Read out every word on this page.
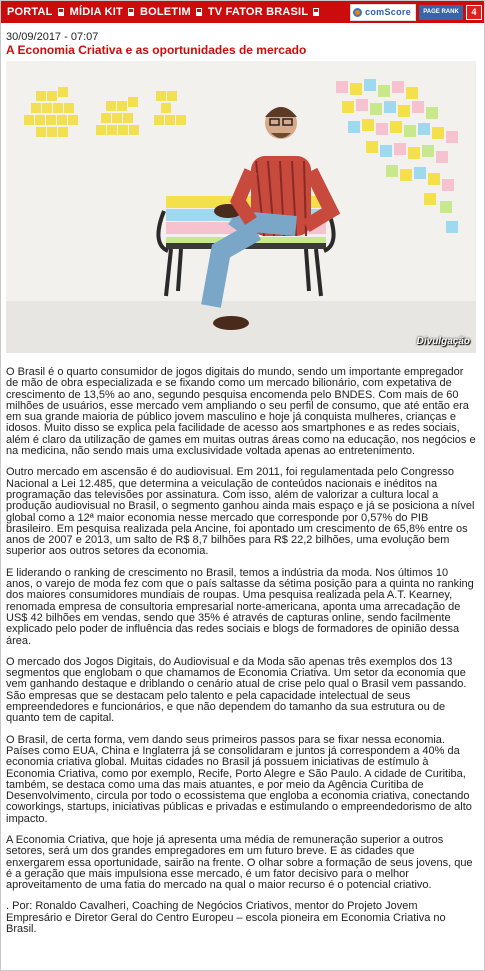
PORTAL	MÍDIA KIT	BOLETIM	TV FATOR BRASIL	comScore	PAGE RANK	4
30/09/2017 - 07:07
A Economia Criativa e as oportunidades de mercado
Divulgação

O Brasil é o quarto consumidor de jogos digitais do mundo, sendo um importante empregador de mão de obra especializada e se fixando como um mercado bilionário, com expetativa de crescimento de 13,5% ao ano, segundo pesquisa encomenda pelo BNDES. Com mais de 60 milhões de usuários, esse mercado vem ampliando o seu perfil de consumo, que até então era em sua grande maioria de público jovem masculino e hoje já conquista mulheres, crianças e idosos. Muito disso se explica pela facilidade de acesso aos smartphones e as redes sociais, além é claro da utilização de games em muitas outras áreas como na educação, nos negócios e na medicina, não sendo mais uma exclusividade voltada apenas ao entretenimento.

Outro mercado em ascensão é do audiovisual. Em 2011, foi regulamentada pelo Congresso Nacional a Lei 12.485, que determina a veiculação de conteúdos nacionais e inéditos na programação das televisões por assinatura. Com isso, além de valorizar a cultura local a produção audiovisual no Brasil, o segmento ganhou ainda mais espaço e já se posiciona a nível global como a 12ª maior economia nesse mercado que corresponde por 0,57% do PIB brasileiro. Em pesquisa realizada pela Ancine, foi apontado um crescimento de 65,8% entre os anos de 2007 e 2013, um salto de R$ 8,7 bilhões para R$ 22,2 bilhões, uma evolução bem superior aos outros setores da economia.

E liderando o ranking de crescimento no Brasil, temos a indústria da moda. Nos últimos 10 anos, o varejo de moda fez com que o país saltasse da sétima posição para a quinta no ranking dos maiores consumidores mundiais de roupas. Uma pesquisa realizada pela A.T. Kearney, renomada empresa de consultoria empresarial norte-americana, aponta uma arrecadação de US$ 42 bilhões em vendas, sendo que 35% é através de capturas online, sendo facilmente explicado pelo poder de influência das redes sociais e blogs de formadores de opinião dessa área.

O mercado dos Jogos Digitais, do Audiovisual e da Moda são apenas três exemplos dos 13 segmentos que englobam o que chamamos de Economia Criativa. Um setor da economia que vem ganhando destaque e driblando o cenário atual de crise pelo qual o Brasil vem passando. São empresas que se destacam pelo talento e pela capacidade intelectual de seus empreendedores e funcionários, e que não dependem do tamanho da sua estrutura ou de quanto tem de capital.

O Brasil, de certa forma, vem dando seus primeiros passos para se fixar nessa economia. Países como EUA, China e Inglaterra já se consolidaram e juntos já correspondem a 40% da economia criativa global. Muitas cidades no Brasil já possuem iniciativas de estímulo à Economia Criativa, como por exemplo, Recife, Porto Alegre e São Paulo. A cidade de Curitiba, também, se destaca como uma das mais atuantes, e por meio da Agência Curitiba de Desenvolvimento, circula por todo o ecossistema que engloba a economia criativa, conectando coworkings, startups, iniciativas públicas e privadas e estimulando o empreendedorismo de alto impacto.

A Economia Criativa, que hoje já apresenta uma média de remuneração superior a outros setores, será um dos grandes empregadores em um futuro breve. E as cidades que enxergarem essa oportunidade, sairão na frente. O olhar sobre a formação de seus jovens, que é a geração que mais impulsiona esse mercado, é um fator decisivo para o melhor aproveitamento de uma fatia do mercado na qual o maior recurso é o potencial criativo.

. Por: Ronaldo Cavalheri, Coaching de Negócios Criativos, mentor do Projeto Jovem Empresário e Diretor Geral do Centro Europeu – escola pioneira em Economia Criativa no Brasil.
